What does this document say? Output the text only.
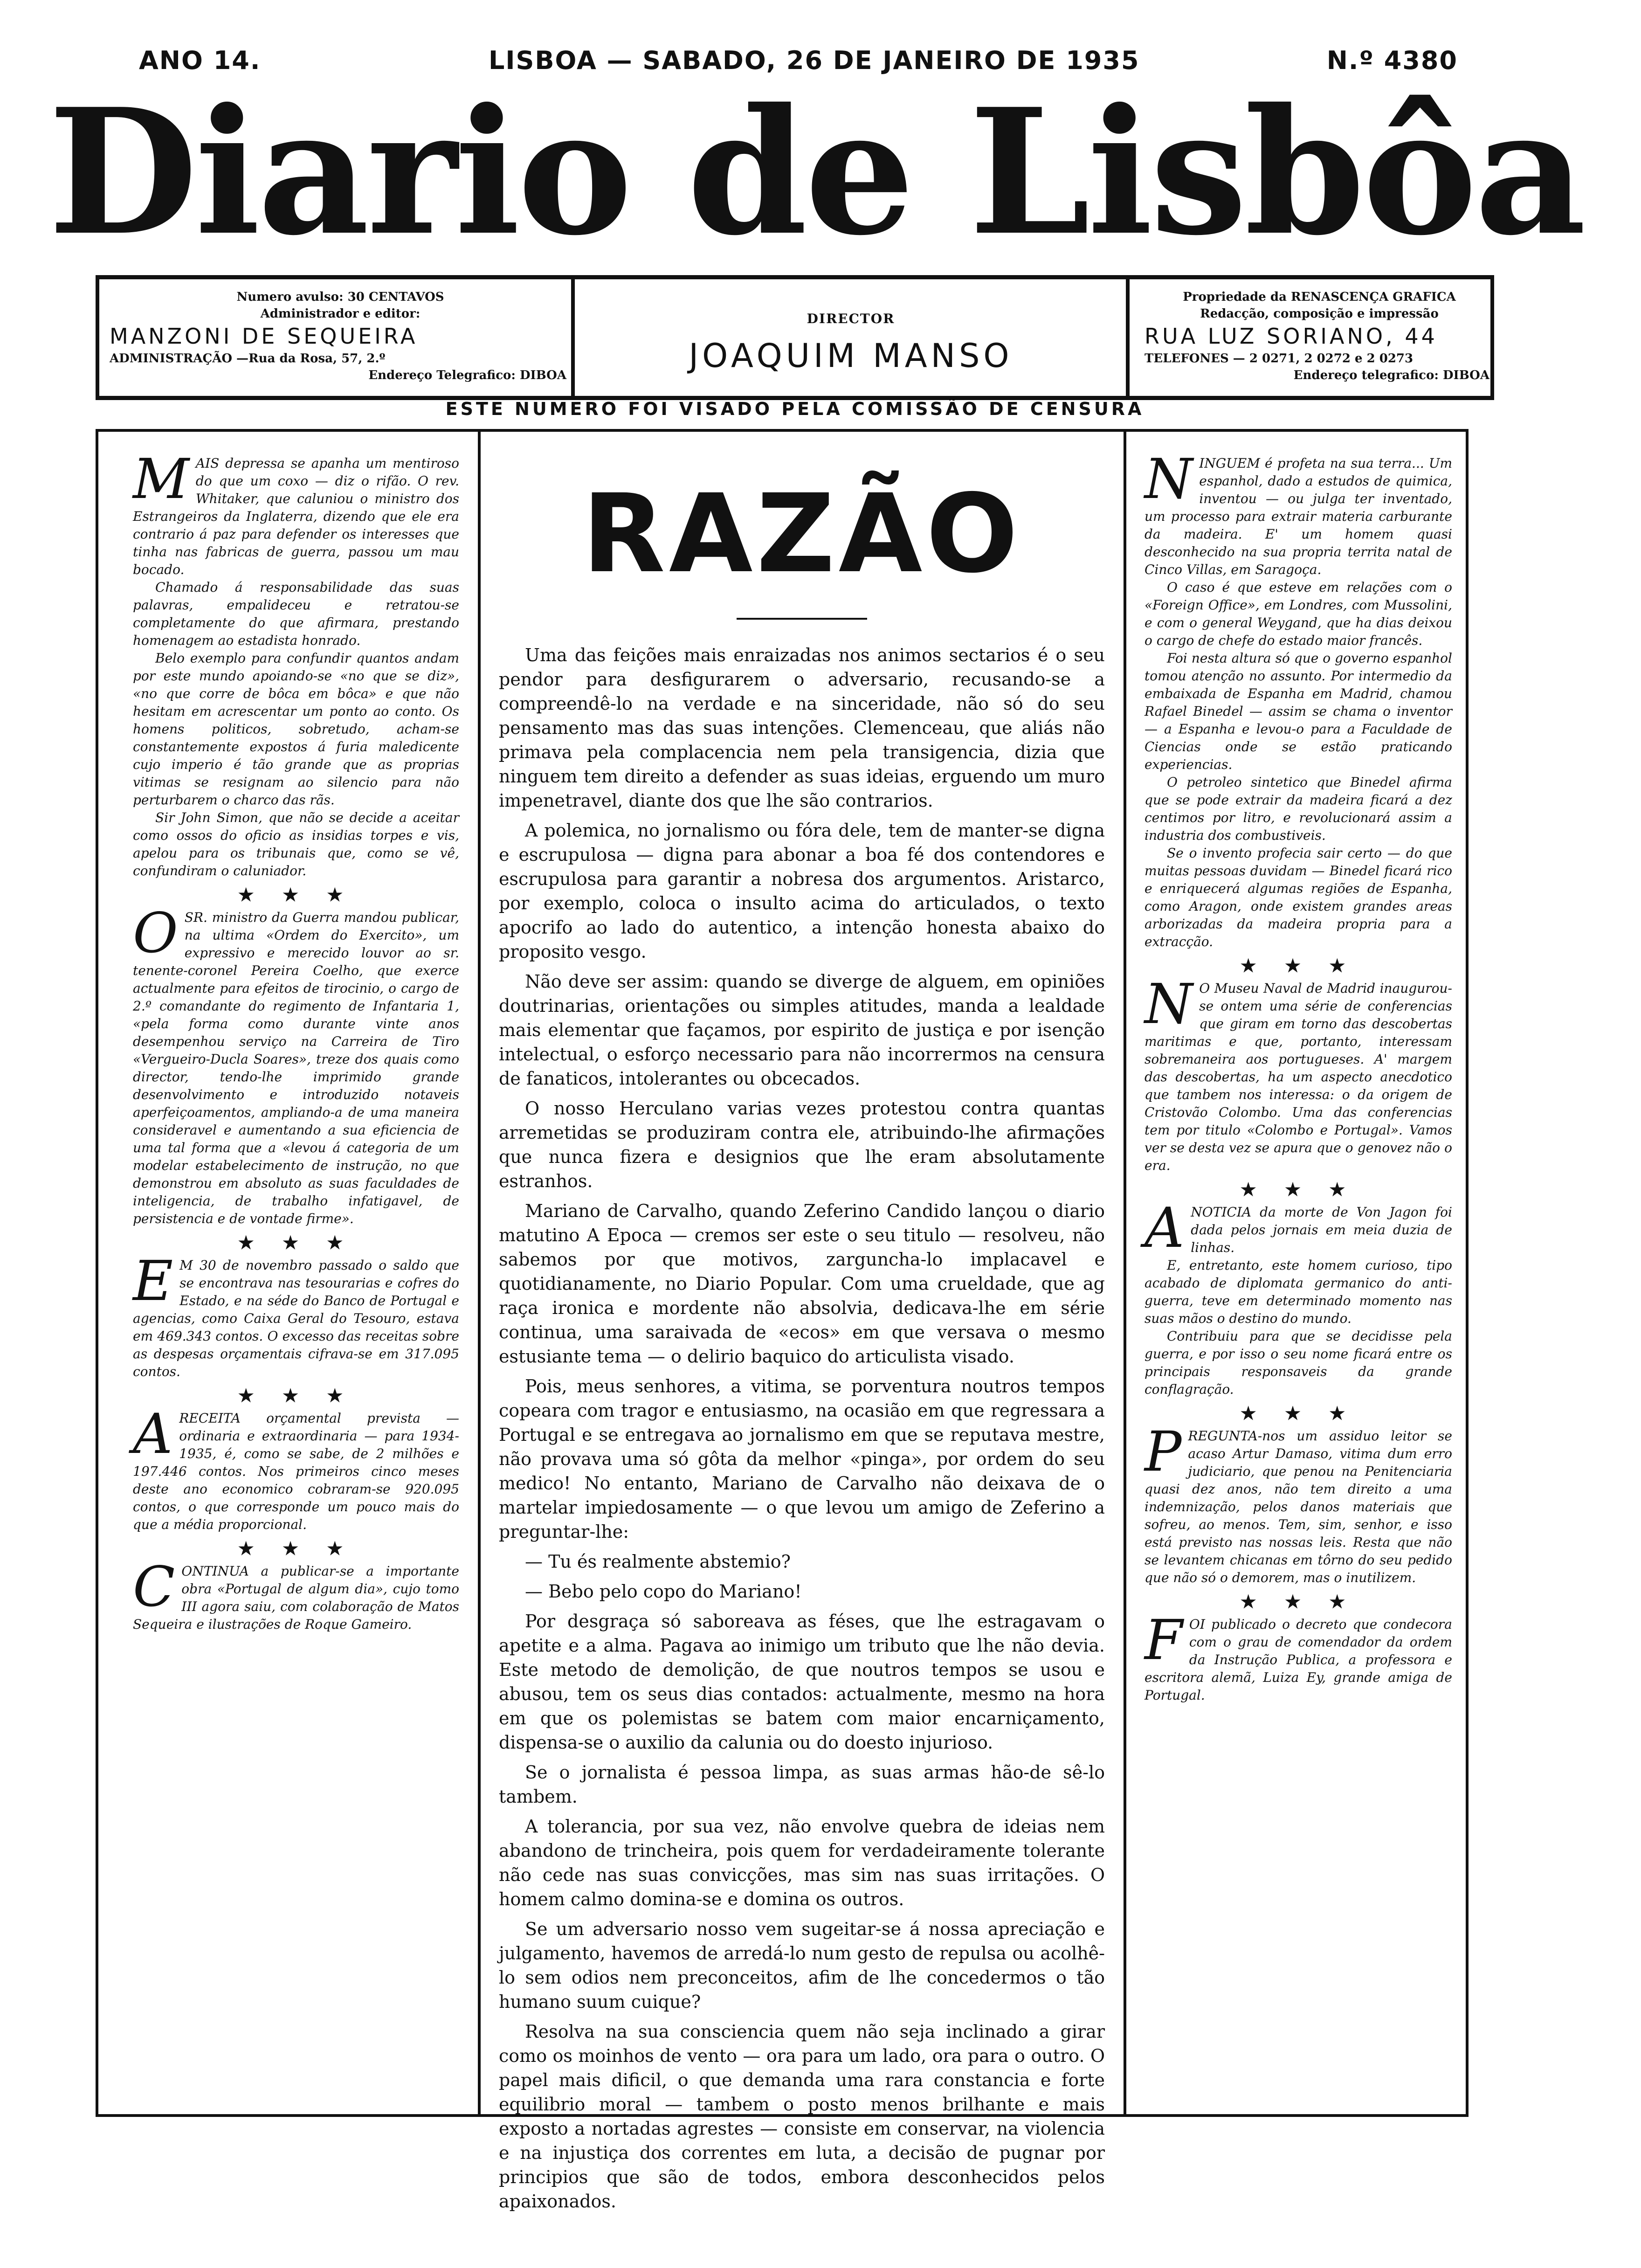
ANO 14.	LISBOA — SABADO, 26 DE JANEIRO DE 1935	N.º 4380
Diario de Lisbôa
Numero avulso: 30 CENTAVOS
Administrador e editor:
MANZONI DE SEQUEIRA
ADMINISTRAÇÃO —Rua da Rosa, 57, 2.º
Endereço Telegrafico: DIBOA
DIRECTOR
JOAQUIM MANSO
Propriedade da RENASCENÇA GRAFICA
Redacção, composição e impressão
RUA LUZ SORIANO, 44
TELEFONES — 2 0271, 2 0272 e 2 0273
Endereço telegrafico: DIBOA
ESTE NUMERO FOI VISADO PELA COMISSÃO DE CENSURA

MAIS depressa se apanha um mentiroso do que um coxo — diz o rifão. O rev. Whitaker, que caluniou o ministro dos Estrangeiros da Inglaterra, dizendo que ele era contrario á paz para defender os interesses que tinha nas fabricas de guerra, passou um mau bocado.

Chamado á responsabilidade das suas palavras, empalideceu e retratou-se completamente do que afirmara, prestando homenagem ao estadista honrado.

Belo exemplo para confundir quantos andam por este mundo apoiando-se «no que se diz», «no que corre de bôca em bôca» e que não hesitam em acrescentar um ponto ao conto. Os homens politicos, sobretudo, acham-se constantemente expostos á furia maledicente cujo imperio é tão grande que as proprias vitimas se resignam ao silencio para não perturbarem o charco das rãs.

Sir John Simon, que não se decide a aceitar como ossos do oficio as insidias torpes e vis, apelou para os tribunais que, como se vê, confundiram o caluniador.

★ ★ ★

OSR. ministro da Guerra mandou publicar, na ultima «Ordem do Exercito», um expressivo e merecido louvor ao sr. tenente-coronel Pereira Coelho, que exerce actualmente para efeitos de tirocinio, o cargo de 2.º comandante do regimento de Infantaria 1, «pela forma como durante vinte anos desempenhou serviço na Carreira de Tiro «Vergueiro-Ducla Soares», treze dos quais como director, tendo-lhe imprimido grande desenvolvimento e introduzido notaveis aperfeiçoamentos, ampliando-a de uma maneira consideravel e aumentando a sua eficiencia de uma tal forma que a «levou á categoria de um modelar estabelecimento de instrução, no que demonstrou em absoluto as suas faculdades de inteligencia, de trabalho infatigavel, de persistencia e de vontade firme».

★ ★ ★

E M 30 de novembro passado o saldo que se encontrava nas tesourarias e cofres do Estado, e na séde do Banco de Portugal e agencias, como Caixa Geral do Tesouro, estava em 469.343 contos. O excesso das receitas sobre as despesas orçamentais cifrava-se em 317.095 contos.

★ ★ ★

ARECEITA orçamental prevista — ordinaria e extraordinaria — para 1934-1935, é, como se sabe, de 2 milhões e 197.446 contos. Nos primeiros cinco meses deste ano economico cobraram-se 920.095 contos, o que corresponde um pouco mais do que a média proporcional.

★ ★ ★

CONTINUA a publicar-se a importante obra «Portugal de algum dia», cujo tomo III agora saiu, com colaboração de Matos Sequeira e ilustrações de Roque Gameiro.

RAZÃO

Uma das feições mais enraizadas nos animos sectarios é o seu pendor para desfigurarem o adversario, recusando-se a compreendê-lo na verdade e na sinceridade, não só do seu pensamento mas das suas intenções. Clemenceau, que aliás não primava pela complacencia nem pela transigencia, dizia que ninguem tem direito a defender as suas ideias, erguendo um muro impenetravel, diante dos que lhe são contrarios.

A polemica, no jornalismo ou fóra dele, tem de manter-se digna e escrupulosa — digna para abonar a boa fé dos contendores e escrupulosa para garantir a nobresa dos argumentos. Aristarco, por exemplo, coloca o insulto acima do articulados, o texto apocrifo ao lado do autentico, a intenção honesta abaixo do proposito vesgo.

Não deve ser assim: quando se diverge de alguem, em opiniões doutrinarias, orientações ou simples atitudes, manda a lealdade mais elementar que façamos, por espirito de justiça e por isenção intelectual, o esforço necessario para não incorrermos na censura de fanaticos, intolerantes ou obcecados.

O nosso Herculano varias vezes protestou contra quantas arremetidas se produziram contra ele, atribuindo-lhe afirmações que nunca fizera e designios que lhe eram absolutamente estranhos.

Mariano de Carvalho, quando Zeferino Candido lançou o diario matutino A Epoca — cremos ser este o seu titulo — resolveu, não sabemos por que motivos, zarguncha-lo implacavel e quotidianamente, no Diario Popular. Com uma crueldade, que ag raça ironica e mordente não absolvia, dedicava-lhe em série continua, uma saraivada de «ecos» em que versava o mesmo estusiante tema — o delirio baquico do articulista visado.

Pois, meus senhores, a vitima, se porventura noutros tempos copeara com tragor e entusiasmo, na ocasião em que regressara a Portugal e se entregava ao jornalismo em que se reputava mestre, não provava uma só gôta da melhor «pinga», por ordem do seu medico! No entanto, Mariano de Carvalho não deixava de o martelar impiedosamente — o que levou um amigo de Zeferino a preguntar-lhe:

— Tu és realmente abstemio?

— Bebo pelo copo do Mariano!

Por desgraça só saboreava as féses, que lhe estragavam o apetite e a alma. Pagava ao inimigo um tributo que lhe não devia. Este metodo de demolição, de que noutros tempos se usou e abusou, tem os seus dias contados: actualmente, mesmo na hora em que os polemistas se batem com maior encarniçamento, dispensa-se o auxilio da calunia ou do doesto injurioso.

Se o jornalista é pessoa limpa, as suas armas hão-de sê-lo tambem.

A tolerancia, por sua vez, não envolve quebra de ideias nem abandono de trincheira, pois quem for verdadeiramente tolerante não cede nas suas convicções, mas sim nas suas irritações. O homem calmo domina-se e domina os outros.

Se um adversario nosso vem sugeitar-se á nossa apreciação e julgamento, havemos de arredá-lo num gesto de repulsa ou acolhê-lo sem odios nem preconceitos, afim de lhe concedermos o tão humano suum cuique?

Resolva na sua consciencia quem não seja inclinado a girar como os moinhos de vento — ora para um lado, ora para o outro. O papel mais dificil, o que demanda uma rara constancia e forte equilibrio moral — tambem o posto menos brilhante e mais exposto a nortadas agrestes — consiste em conservar, na violencia e na injustiça dos correntes em luta, a decisão de pugnar por principios que são de todos, embora desconhecidos pelos apaixonados.

NINGUEM é profeta na sua terra... Um espanhol, dado a estudos de quimica, inventou — ou julga ter inventado, um processo para extrair materia carburante da madeira. E' um homem quasi desconhecido na sua propria territa natal de Cinco Villas, em Saragoça.

O caso é que esteve em relações com o «Foreign Office», em Londres, com Mussolini, e com o general Weygand, que ha dias deixou o cargo de chefe do estado maior francês.

Foi nesta altura só que o governo espanhol tomou atenção no assunto. Por intermedio da embaixada de Espanha em Madrid, chamou Rafael Binedel — assim se chama o inventor — a Espanha e levou-o para a Faculdade de Ciencias onde se estão praticando experiencias.

O petroleo sintetico que Binedel afirma que se pode extrair da madeira ficará a dez centimos por litro, e revolucionará assim a industria dos combustiveis.

Se o invento profecia sair certo — do que muitas pessoas duvidam — Binedel ficará rico e enriquecerá algumas regiões de Espanha, como Aragon, onde existem grandes areas arborizadas da madeira propria para a extracção.

★ ★ ★

N O Museu Naval de Madrid inaugurou-se ontem uma série de conferencias que giram em torno das descobertas maritimas e que, portanto, interessam sobremaneira aos portugueses. A' margem das descobertas, ha um aspecto anecdotico que tambem nos interessa: o da origem de Cristovão Colombo. Uma das conferencias tem por titulo «Colombo e Portugal». Vamos ver se desta vez se apura que o genovez não o era.

★ ★ ★

ANOTICIA da morte de Von Jagon foi dada pelos jornais em meia duzia de linhas.

E, entretanto, este homem curioso, tipo acabado de diplomata germanico do anti-guerra, teve em determinado momento nas suas mãos o destino do mundo.

Contribuiu para que se decidisse pela guerra, e por isso o seu nome ficará entre os principais responsaveis da grande conflagração.

★ ★ ★

PREGUNTA-nos um assiduo leitor se acaso Artur Damaso, vitima dum erro judiciario, que penou na Penitenciaria quasi dez anos, não tem direito a uma indemnização, pelos danos materiais que sofreu, ao menos. Tem, sim, senhor, e isso está previsto nas nossas leis. Resta que não se levantem chicanas em tôrno do seu pedido que não só o demorem, mas o inutilizem.

★ ★ ★

FOI publicado o decreto que condecora com o grau de comendador da ordem da Instrução Publica, a professora e escritora alemã, Luiza Ey, grande amiga de Portugal.
